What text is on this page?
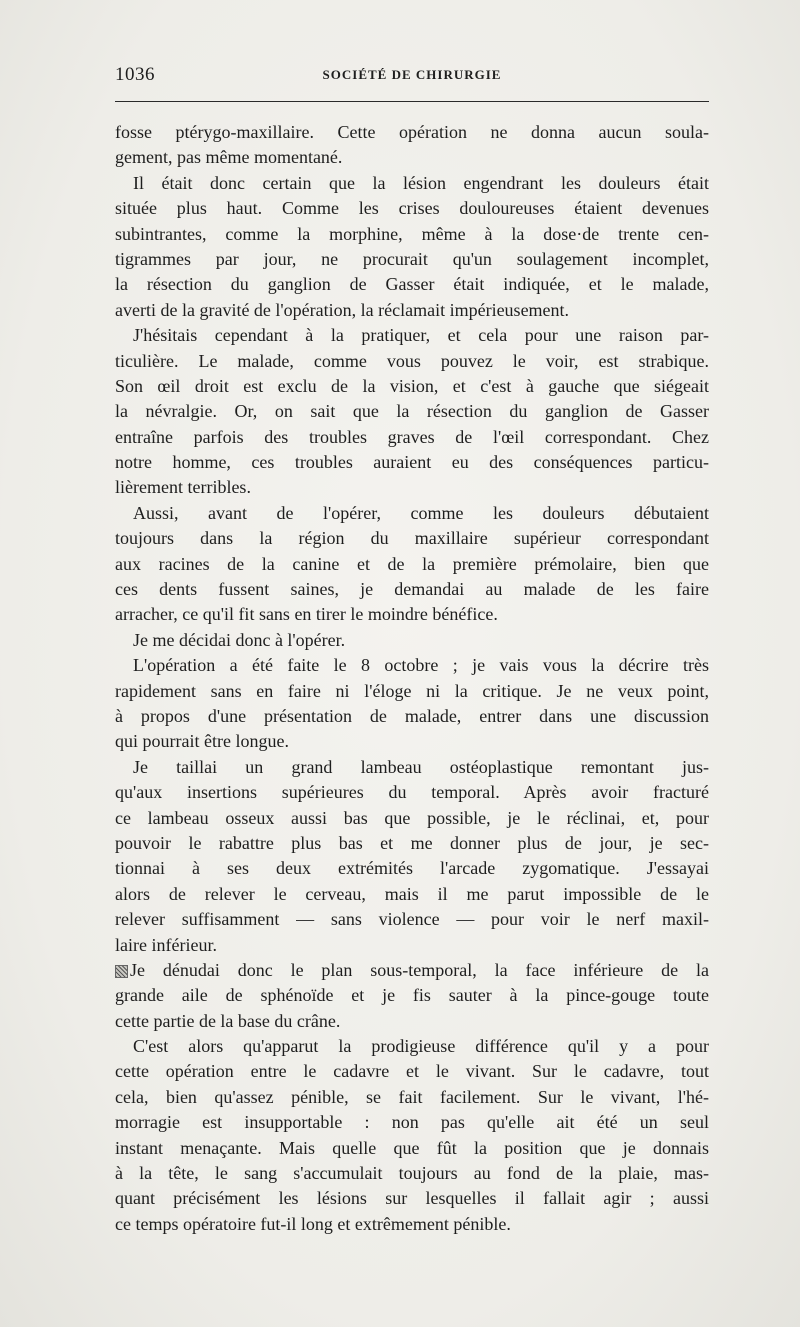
1036	SOCIÉTÉ DE CHIRURGIE
fosse ptérygo-maxillaire. Cette opération ne donna aucun soula-
gement, pas même momentané.
Il était donc certain que la lésion engendrant les douleurs était
située plus haut. Comme les crises douloureuses étaient devenues
subintrantes, comme la morphine, même à la dose·de trente cen-
tigrammes par jour, ne procurait qu'un soulagement incomplet,
la résection du ganglion de Gasser était indiquée, et le malade,
averti de la gravité de l'opération, la réclamait impérieusement.
J'hésitais cependant à la pratiquer, et cela pour une raison par-
ticulière. Le malade, comme vous pouvez le voir, est strabique.
Son œil droit est exclu de la vision, et c'est à gauche que siégeait
la névralgie. Or, on sait que la résection du ganglion de Gasser
entraîne parfois des troubles graves de l'œil correspondant. Chez
notre homme, ces troubles auraient eu des conséquences particu-
lièrement terribles.
Aussi, avant de l'opérer, comme les douleurs débutaient
toujours dans la région du maxillaire supérieur correspondant
aux racines de la canine et de la première prémolaire, bien que
ces dents fussent saines, je demandai au malade de les faire
arracher, ce qu'il fit sans en tirer le moindre bénéfice.
Je me décidai donc à l'opérer.
L'opération a été faite le 8 octobre ; je vais vous la décrire très
rapidement sans en faire ni l'éloge ni la critique. Je ne veux point,
à propos d'une présentation de malade, entrer dans une discussion
qui pourrait être longue.
Je taillai un grand lambeau ostéoplastique remontant jus-
qu'aux insertions supérieures du temporal. Après avoir fracturé
ce lambeau osseux aussi bas que possible, je le réclinai, et, pour
pouvoir le rabattre plus bas et me donner plus de jour, je sec-
tionnai à ses deux extrémités l'arcade zygomatique. J'essayai
alors de relever le cerveau, mais il me parut impossible de le
relever suffisamment — sans violence — pour voir le nerf maxil-
laire inférieur.
Je dénudai donc le plan sous-temporal, la face inférieure de la
grande aile de sphénoïde et je fis sauter à la pince-gouge toute
cette partie de la base du crâne.
C'est alors qu'apparut la prodigieuse différence qu'il y a pour
cette opération entre le cadavre et le vivant. Sur le cadavre, tout
cela, bien qu'assez pénible, se fait facilement. Sur le vivant, l'hé-
morragie est insupportable : non pas qu'elle ait été un seul
instant menaçante. Mais quelle que fût la position que je donnais
à la tête, le sang s'accumulait toujours au fond de la plaie, mas-
quant précisément les lésions sur lesquelles il fallait agir ; aussi
ce temps opératoire fut-il long et extrêmement pénible.
